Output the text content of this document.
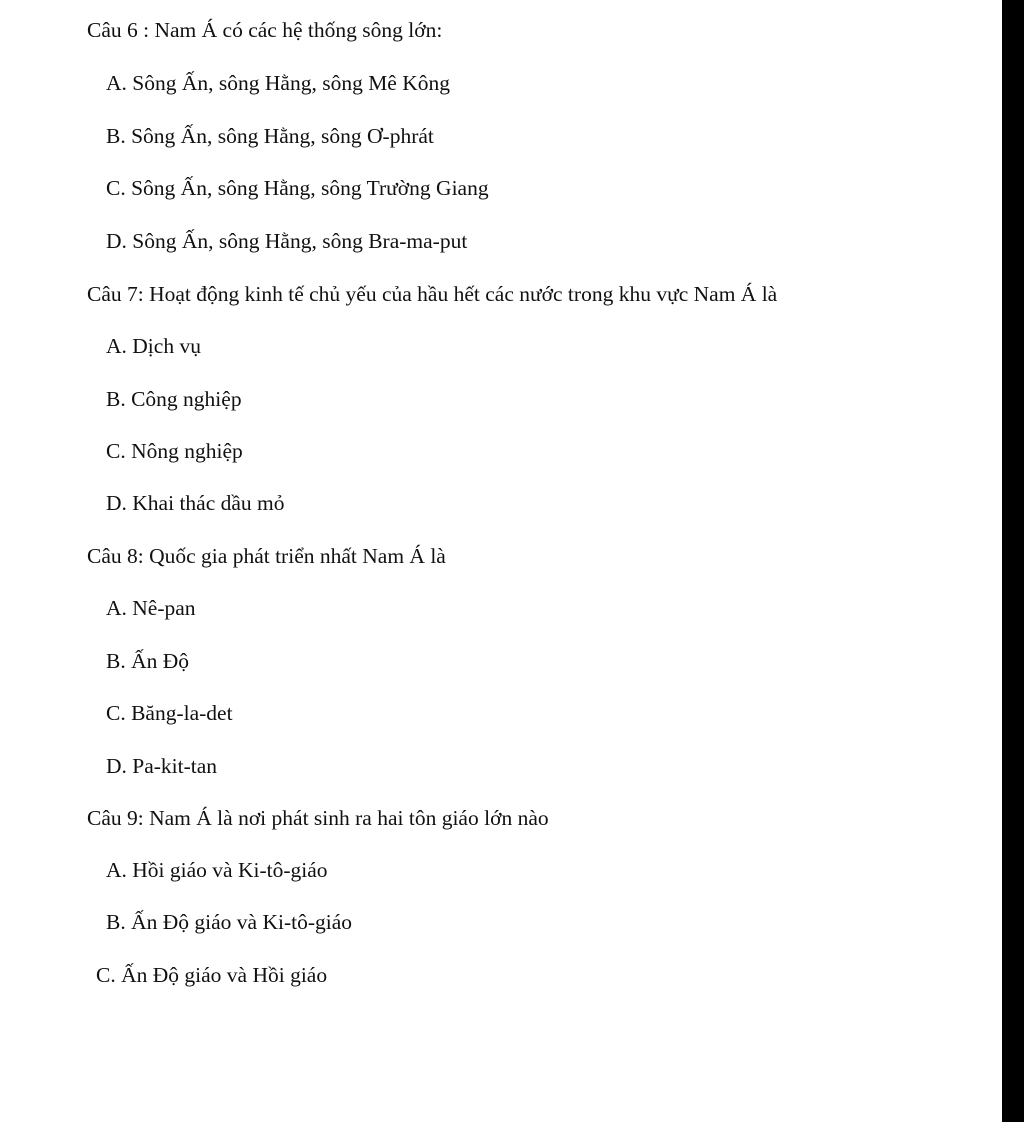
Câu 6 : Nam Á có các hệ thống sông lớn:
A. Sông Ấn, sông Hằng, sông Mê Kông
B. Sông Ấn, sông Hằng, sông Ơ-phrát
C. Sông Ấn, sông Hằng, sông Trường Giang
D. Sông Ấn, sông Hằng, sông Bra-ma-put
Câu 7: Hoạt động kinh tế chủ yếu của hầu hết các nước trong khu vực Nam Á là
A. Dịch vụ
B. Công nghiệp
C. Nông nghiệp
D. Khai thác dầu mỏ
Câu 8: Quốc gia phát triển nhất Nam Á là
A. Nê-pan
B. Ấn Độ
C. Băng-la-det
D. Pa-kit-tan
Câu 9: Nam Á là nơi phát sinh ra hai tôn giáo lớn nào
A. Hồi giáo và Ki-tô-giáo
B. Ấn Độ giáo và Ki-tô-giáo
C. Ấn Độ giáo và Hồi giáo
